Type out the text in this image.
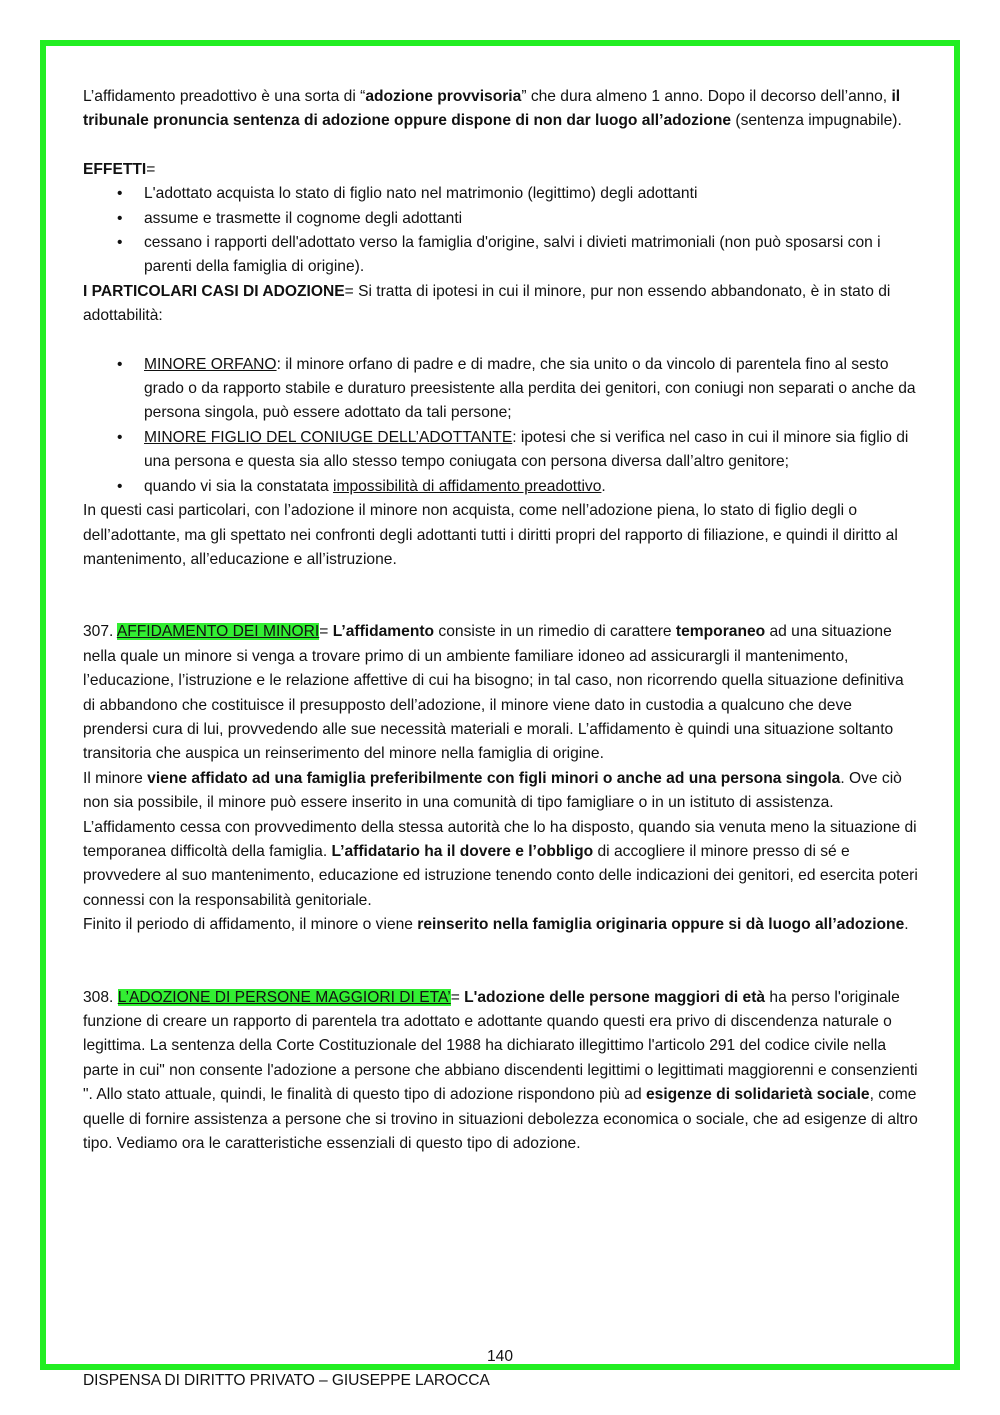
L’affidamento preadottivo è una sorta di “adozione provvisoria” che dura almeno 1 anno. Dopo il decorso dell’anno, il tribunale pronuncia sentenza di adozione oppure dispone di non dar luogo all’adozione (sentenza impugnabile).

EFFETTI=

• L'adottato acquista lo stato di figlio nato nel matrimonio (legittimo) degli adottanti
• assume e trasmette il cognome degli adottanti
• cessano i rapporti dell'adottato verso la famiglia d'origine, salvi i divieti matrimoniali (non può sposarsi con i parenti della famiglia di origine).

I PARTICOLARI CASI DI ADOZIONE= Si tratta di ipotesi in cui il minore, pur non essendo abbandonato, è in stato di adottabilità:

• MINORE ORFANO: il minore orfano di padre e di madre, che sia unito o da vincolo di parentela fino al sesto grado o da rapporto stabile e duraturo preesistente alla perdita dei genitori, con coniugi non separati o anche da persona singola, può essere adottato da tali persone;
• MINORE FIGLIO DEL CONIUGE DELL’ADOTTANTE: ipotesi che si verifica nel caso in cui il minore sia figlio di una persona e questa sia allo stesso tempo coniugata con persona diversa dall’altro genitore;
• quando vi sia la constatata impossibilità di affidamento preadottivo.

In questi casi particolari, con l’adozione il minore non acquista, come nell’adozione piena, lo stato di figlio degli o dell’adottante, ma gli spettato nei confronti degli adottanti tutti i diritti propri del rapporto di filiazione, e quindi il diritto al mantenimento, all’educazione e all’istruzione.

307. AFFIDAMENTO DEI MINORI= L’affidamento consiste in un rimedio di carattere temporaneo ad una situazione nella quale un minore si venga a trovare primo di un ambiente familiare idoneo ad assicurargli il mantenimento, l’educazione, l’istruzione e le relazione affettive di cui ha bisogno; in tal caso, non ricorrendo quella situazione definitiva di abbandono che costituisce il presupposto dell’adozione, il minore viene dato in custodia a qualcuno che deve prendersi cura di lui, provvedendo alle sue necessità materiali e morali. L’affidamento è quindi una situazione soltanto transitoria che auspica un reinserimento del minore nella famiglia di origine.

Il minore viene affidato ad una famiglia preferibilmente con figli minori o anche ad una persona singola. Ove ciò non sia possibile, il minore può essere inserito in una comunità di tipo famigliare o in un istituto di assistenza. L’affidamento cessa con provvedimento della stessa autorità che lo ha disposto, quando sia venuta meno la situazione di temporanea difficoltà della famiglia. L’affidatario ha il dovere e l’obbligo di accogliere il minore presso di sé e provvedere al suo mantenimento, educazione ed istruzione tenendo conto delle indicazioni dei genitori, ed esercita poteri connessi con la responsabilità genitoriale.

Finito il periodo di affidamento, il minore o viene reinserito nella famiglia originaria oppure si dà luogo all’adozione.

308. L’ADOZIONE DI PERSONE MAGGIORI DI ETA’= L'adozione delle persone maggiori di età ha perso l'originale funzione di creare un rapporto di parentela tra adottato e adottante quando questi era privo di discendenza naturale o legittima. La sentenza della Corte Costituzionale del 1988 ha dichiarato illegittimo l'articolo 291 del codice civile nella parte in cui" non consente l'adozione a persone che abbiano discendenti legittimi o legittimati maggiorenni e consenzienti ". Allo stato attuale, quindi, le finalità di questo tipo di adozione rispondono più ad esigenze di solidarietà sociale, come quelle di fornire assistenza a persone che si trovino in situazioni debolezza economica o sociale, che ad esigenze di altro tipo. Vediamo ora le caratteristiche essenziali di questo tipo di adozione.

140
DISPENSA DI DIRITTO PRIVATO – GIUSEPPE LAROCCA
